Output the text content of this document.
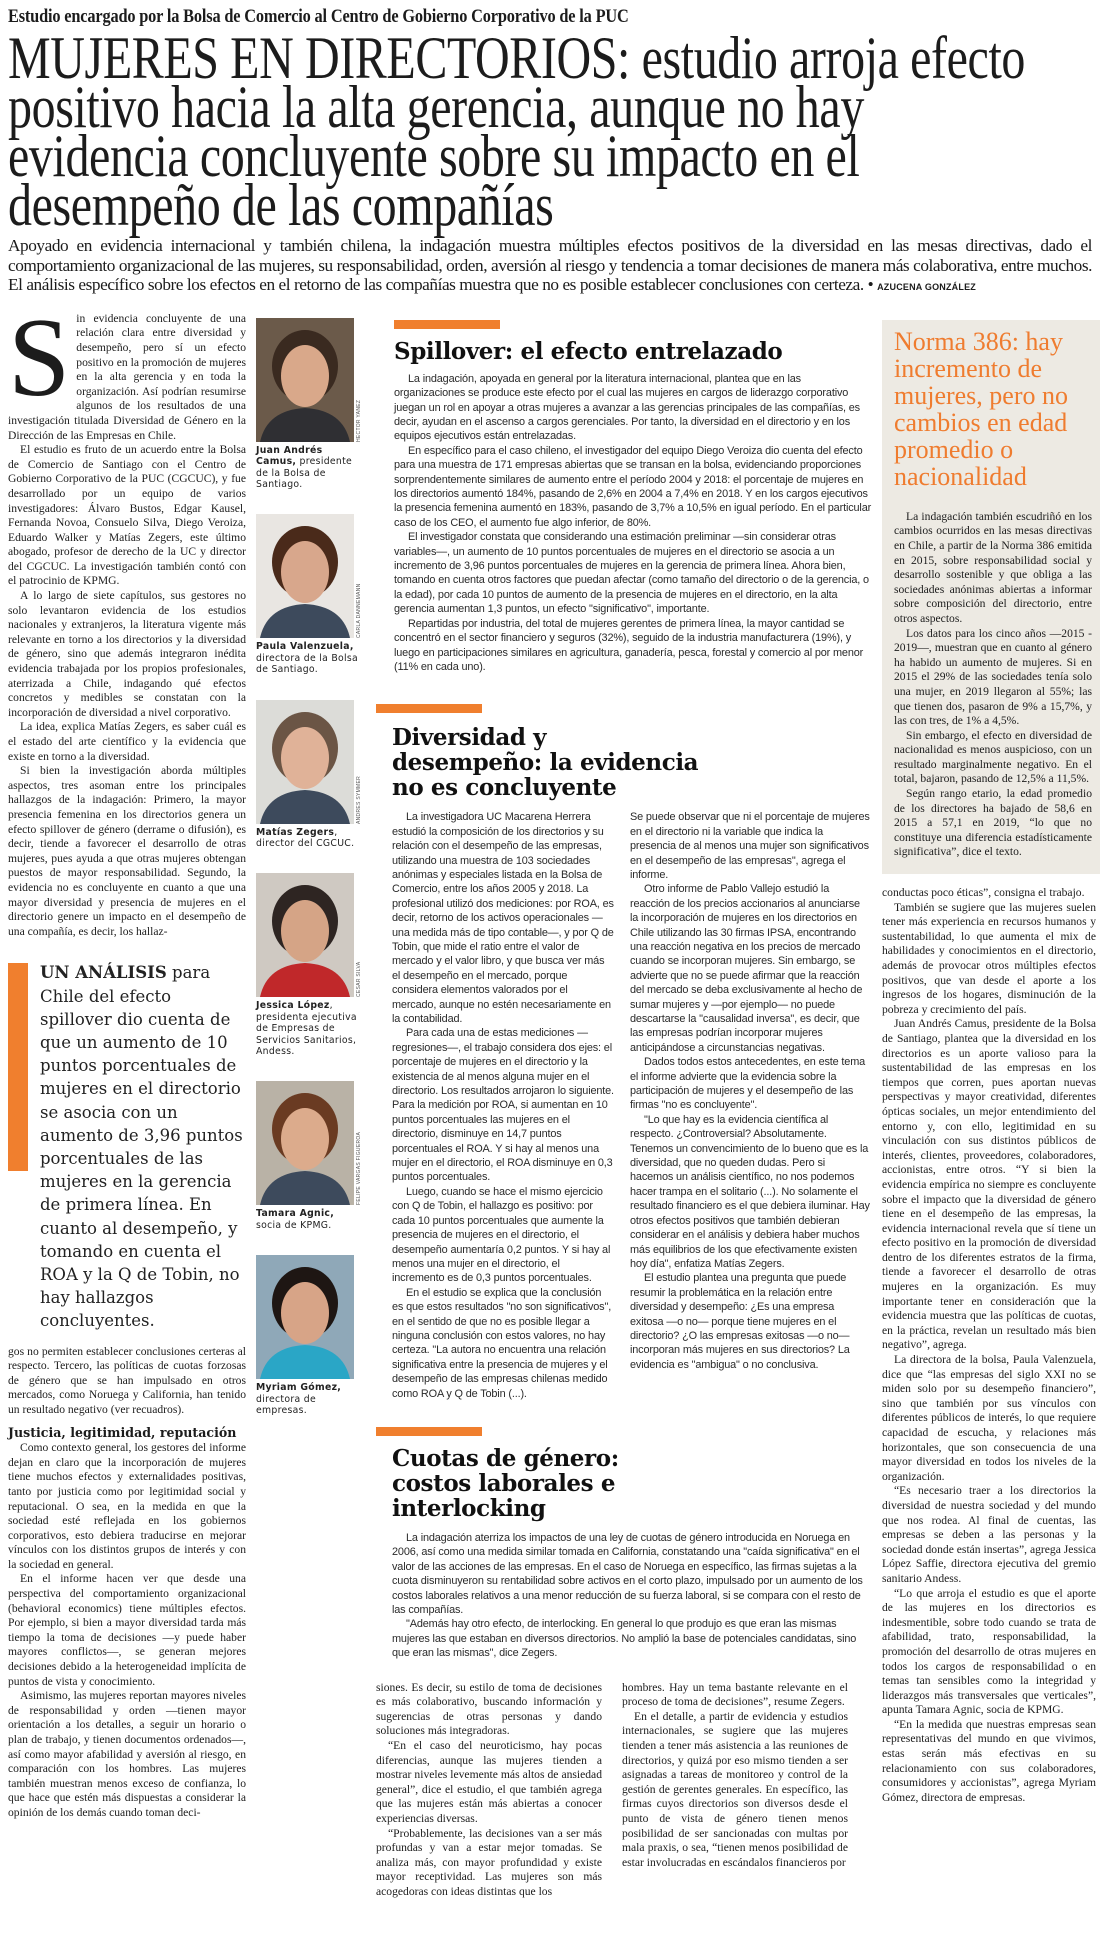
Estudio encargado por la Bolsa de Comercio al Centro de Gobierno Corporativo de la PUC
MUJERES EN DIRECTORIOS: estudio arroja efecto
positivo hacia la alta gerencia, aunque no hay
evidencia concluyente sobre su impacto en el
desempeño de las compañías
Apoyado en evidencia internacional y también chilena, la indagación muestra múltiples efectos positivos de la diversidad en las mesas directivas, dado el comportamiento organizacional de las mujeres, su responsabilidad, orden, aversión al riesgo y tendencia a tomar decisiones de manera más colaborativa, entre muchos. El análisis específico sobre los efectos en el retorno de las compañías muestra que no es posible establecer conclusiones con certeza. • AZUCENA GONZÁLEZ

Sin evidencia concluyente de una relación clara entre diversidad y desempeño, pero sí un efecto positivo en la promoción de mujeres en la alta gerencia y en toda la organización. Así podrían resumirse algunos de los resultados de una investigación titulada Diversidad de Género en la Dirección de las Empresas en Chile.

El estudio es fruto de un acuerdo entre la Bolsa de Comercio de Santiago con el Centro de Gobierno Corporativo de la PUC (CGCUC), y fue desarrollado por un equipo de varios investigadores: Álvaro Bustos, Edgar Kausel, Fernanda Novoa, Consuelo Silva, Diego Veroiza, Eduardo Walker y Matías Zegers, este último abogado, profesor de derecho de la UC y director del CGCUC. La investigación también contó con el patrocinio de KPMG.

A lo largo de siete capítulos, sus gestores no solo levantaron evidencia de los estudios nacionales y extranjeros, la literatura vigente más relevante en torno a los directorios y la diversidad de género, sino que además integraron inédita evidencia trabajada por los propios profesionales, aterrizada a Chile, indagando qué efectos concretos y medibles se constatan con la incorporación de diversidad a nivel corporativo.

La idea, explica Matías Zegers, es saber cuál es el estado del arte científico y la evidencia que existe en torno a la diversidad.

Si bien la investigación aborda múltiples aspectos, tres asoman entre los principales hallazgos de la indagación: Primero, la mayor presencia femenina en los directorios genera un efecto spillover de género (derrame o difusión), es decir, tiende a favorecer el desarrollo de otras mujeres, pues ayuda a que otras mujeres obtengan puestos de mayor responsabilidad. Segundo, la evidencia no es concluyente en cuanto a que una mayor diversidad y presencia de mujeres en el directorio genere un impacto en el desempeño de una compañía, es decir, los hallaz-

UN ANÁLISIS para Chile del efecto spillover dio cuenta de que un aumento de 10 puntos porcentuales de mujeres en el directorio se asocia con un aumento de 3,96 puntos porcentuales de las mujeres en la gerencia de primera línea. En cuanto al desempeño, y tomando en cuenta el ROA y la Q de Tobin, no hay hallazgos concluyentes.

gos no permiten establecer conclusiones certeras al respecto. Tercero, las políticas de cuotas forzosas de género que se han impulsado en otros mercados, como Noruega y California, han tenido un resultado negativo (ver recuadros).

Justicia, legitimidad, reputación

Como contexto general, los gestores del informe dejan en claro que la incorporación de mujeres tiene muchos efectos y externalidades positivas, tanto por justicia como por legitimidad social y reputacional. O sea, en la medida en que la sociedad esté reflejada en los gobiernos corporativos, esto debiera traducirse en mejorar vínculos con los distintos grupos de interés y con la sociedad en general.

En el informe hacen ver que desde una perspectiva del comportamiento organizacional (behavioral economics) tiene múltiples efectos. Por ejemplo, si bien a mayor diversidad tarda más tiempo la toma de decisiones —y puede haber mayores conflictos—, se generan mejores decisiones debido a la heterogeneidad implícita de puntos de vista y conocimiento.

Asimismo, las mujeres reportan mayores niveles de responsabilidad y orden —tienen mayor orientación a los detalles, a seguir un horario o plan de trabajo, y tienen documentos ordenados—, así como mayor afabilidad y aversión al riesgo, en comparación con los hombres. Las mujeres también muestran menos exceso de confianza, lo que hace que estén más dispuestas a considerar la opinión de los demás cuando toman deci-

HÉCTOR YAÑEZ
Juan Andrés Camus, presidente de la Bolsa de Santiago.
CARLA DANNEMANN
Paula Valenzuela, directora de la Bolsa de Santiago.
ANDRÉS SYMMER
Matías Zegers, director del CGCUC.
CÉSAR SILVA
Jessica López, presidenta ejecutiva de Empresas de Servicios Sanitarios, Andess.
FELIPE VARGAS FIGUEROA
Tamara Agnic, socia de KPMG.
Myriam Gómez, directora de empresas.
Spillover: el efecto entrelazado

La indagación, apoyada en general por la literatura internacional, plantea que en las organizaciones se produce este efecto por el cual las mujeres en cargos de liderazgo corporativo juegan un rol en apoyar a otras mujeres a avanzar a las gerencias principales de las compañías, es decir, ayudan en el ascenso a cargos gerenciales. Por tanto, la diversidad en el directorio y en los equipos ejecutivos están entrelazadas.

En específico para el caso chileno, el investigador del equipo Diego Veroiza dio cuenta del efecto para una muestra de 171 empresas abiertas que se transan en la bolsa, evidenciando proporciones sorprendentemente similares de aumento entre el período 2004 y 2018: el porcentaje de mujeres en los directorios aumentó 184%, pasando de 2,6% en 2004 a 7,4% en 2018. Y en los cargos ejecutivos la presencia femenina aumentó en 183%, pasando de 3,7% a 10,5% en igual período. En el particular caso de los CEO, el aumento fue algo inferior, de 80%.

El investigador constata que considerando una estimación preliminar —sin considerar otras variables—, un aumento de 10 puntos porcentuales de mujeres en el directorio se asocia a un incremento de 3,96 puntos porcentuales de mujeres en la gerencia de primera línea. Ahora bien, tomando en cuenta otros factores que puedan afectar (como tamaño del directorio o de la gerencia, o la edad), por cada 10 puntos de aumento de la presencia de mujeres en el directorio, en la alta gerencia aumentan 1,3 puntos, un efecto "significativo", importante.

Repartidas por industria, del total de mujeres gerentes de primera línea, la mayor cantidad se concentró en el sector financiero y seguros (32%), seguido de la industria manufacturera (19%), y luego en participaciones similares en agricultura, ganadería, pesca, forestal y comercio al por menor (11% en cada uno).

Diversidad y desempeño: la evidencia no es concluyente

La investigadora UC Macarena Herrera estudió la composición de los directorios y su relación con el desempeño de las empresas, utilizando una muestra de 103 sociedades anónimas y especiales listada en la Bolsa de Comercio, entre los años 2005 y 2018. La profesional utilizó dos mediciones: por ROA, es decir, retorno de los activos operacionales —una medida más de tipo contable—, y por Q de Tobin, que mide el ratio entre el valor de mercado y el valor libro, y que busca ver más el desempeño en el mercado, porque considera elementos valorados por el mercado, aunque no estén necesariamente en la contabilidad.

Para cada una de estas mediciones —regresiones—, el trabajo considera dos ejes: el porcentaje de mujeres en el directorio y la existencia de al menos alguna mujer en el directorio. Los resultados arrojaron lo siguiente. Para la medición por ROA, si aumentan en 10 puntos porcentuales las mujeres en el directorio, disminuye en 14,7 puntos porcentuales el ROA. Y si hay al menos una mujer en el directorio, el ROA disminuye en 0,3 puntos porcentuales.

Luego, cuando se hace el mismo ejercicio con Q de Tobin, el hallazgo es positivo: por cada 10 puntos porcentuales que aumente la presencia de mujeres en el directorio, el desempeño aumentaría 0,2 puntos. Y si hay al menos una mujer en el directorio, el incremento es de 0,3 puntos porcentuales.

En el estudio se explica que la conclusión es que estos resultados "no son significativos", en el sentido de que no es posible llegar a ninguna conclusión con estos valores, no hay certeza. "La autora no encuentra una relación significativa entre la presencia de mujeres y el desempeño de las empresas chilenas medido como ROA y Q de Tobin (...).

Se puede observar que ni el porcentaje de mujeres en el directorio ni la variable que indica la presencia de al menos una mujer son significativos en el desempeño de las empresas", agrega el informe.

Otro informe de Pablo Vallejo estudió la reacción de los precios accionarios al anunciarse la incorporación de mujeres en los directorios en Chile utilizando las 30 firmas IPSA, encontrando una reacción negativa en los precios de mercado cuando se incorporan mujeres. Sin embargo, se advierte que no se puede afirmar que la reacción del mercado se deba exclusivamente al hecho de sumar mujeres y —por ejemplo— no puede descartarse la "causalidad inversa", es decir, que las empresas podrían incorporar mujeres anticipándose a circunstancias negativas.

Dados todos estos antecedentes, en este tema el informe advierte que la evidencia sobre la participación de mujeres y el desempeño de las firmas "no es concluyente".

"Lo que hay es la evidencia científica al respecto. ¿Controversial? Absolutamente. Tenemos un convencimiento de lo bueno que es la diversidad, que no queden dudas. Pero si hacemos un análisis científico, no nos podemos hacer trampa en el solitario (...). No solamente el resultado financiero es el que debiera iluminar. Hay otros efectos positivos que también debieran considerar en el análisis y debiera haber muchos más equilibrios de los que efectivamente existen hoy día", enfatiza Matías Zegers.

El estudio plantea una pregunta que puede resumir la problemática en la relación entre diversidad y desempeño: ¿Es una empresa exitosa —o no— porque tiene mujeres en el directorio? ¿O las empresas exitosas —o no— incorporan más mujeres en sus directorios? La evidencia es "ambigua" o no conclusiva.

Cuotas de género: costos laborales e interlocking

La indagación aterriza los impactos de una ley de cuotas de género introducida en Noruega en 2006, así como una medida similar tomada en California, constatando una "caída significativa" en el valor de las acciones de las empresas. En el caso de Noruega en específico, las firmas sujetas a la cuota disminuyeron su rentabilidad sobre activos en el corto plazo, impulsado por un aumento de los costos laborales relativos a una menor reducción de su fuerza laboral, si se compara con el resto de las compañías.

"Además hay otro efecto, de interlocking. En general lo que produjo es que eran las mismas mujeres las que estaban en diversos directorios. No amplió la base de potenciales candidatas, sino que eran las mismas", dice Zegers.

siones. Es decir, su estilo de toma de decisiones es más colaborativo, buscando información y sugerencias de otras personas y dando soluciones más integradoras.

“En el caso del neuroticismo, hay pocas diferencias, aunque las mujeres tienden a mostrar niveles levemente más altos de ansiedad general”, dice el estudio, el que también agrega que las mujeres están más abiertas a conocer experiencias diversas.

“Probablemente, las decisiones van a ser más profundas y van a estar mejor tomadas. Se analiza más, con mayor profundidad y existe mayor receptividad. Las mujeres son más acogedoras con ideas distintas que los

hombres. Hay un tema bastante relevante en el proceso de toma de decisiones”, resume Zegers.

En el detalle, a partir de evidencia y estudios internacionales, se sugiere que las mujeres tienden a tener más asistencia a las reuniones de directorios, y quizá por eso mismo tienden a ser asignadas a tareas de monitoreo y control de la gestión de gerentes generales. En específico, las firmas cuyos directorios son diversos desde el punto de vista de género tienen menos posibilidad de ser sancionadas con multas por mala praxis, o sea, “tienen menos posibilidad de estar involucradas en escándalos financieros por

Norma 386: hay incremento de mujeres, pero no cambios en edad promedio o nacionalidad

La indagación también escudriñó en los cambios ocurridos en las mesas directivas en Chile, a partir de la Norma 386 emitida en 2015, sobre responsabilidad social y desarrollo sostenible y que obliga a las sociedades anónimas abiertas a informar sobre composición del directorio, entre otros aspectos.

Los datos para los cinco años —2015 - 2019—, muestran que en cuanto al género ha habido un aumento de mujeres. Si en 2015 el 29% de las sociedades tenía solo una mujer, en 2019 llegaron al 55%; las que tienen dos, pasaron de 9% a 15,7%, y las con tres, de 1% a 4,5%.

Sin embargo, el efecto en diversidad de nacionalidad es menos auspicioso, con un resultado marginalmente negativo. En el total, bajaron, pasando de 12,5% a 11,5%.

Según rango etario, la edad promedio de los directores ha bajado de 58,6 en 2015 a 57,1 en 2019, “lo que no constituye una diferencia estadísticamente significativa”, dice el texto.

conductas poco éticas”, consigna el trabajo.

También se sugiere que las mujeres suelen tener más experiencia en recursos humanos y sustentabilidad, lo que aumenta el mix de habilidades y conocimientos en el directorio, además de provocar otros múltiples efectos positivos, que van desde el aporte a los ingresos de los hogares, disminución de la pobreza y crecimiento del país.

Juan Andrés Camus, presidente de la Bolsa de Santiago, plantea que la diversidad en los directorios es un aporte valioso para la sustentabilidad de las empresas en los tiempos que corren, pues aportan nuevas perspectivas y mayor creatividad, diferentes ópticas sociales, un mejor entendimiento del entorno y, con ello, legitimidad en su vinculación con sus distintos públicos de interés, clientes, proveedores, colaboradores, accionistas, entre otros. “Y si bien la evidencia empírica no siempre es concluyente sobre el impacto que la diversidad de género tiene en el desempeño de las empresas, la evidencia internacional revela que sí tiene un efecto positivo en la promoción de diversidad dentro de los diferentes estratos de la firma, tiende a favorecer el desarrollo de otras mujeres en la organización. Es muy importante tener en consideración que la evidencia muestra que las políticas de cuotas, en la práctica, revelan un resultado más bien negativo”, agrega.

La directora de la bolsa, Paula Valenzuela, dice que “las empresas del siglo XXI no se miden solo por su desempeño financiero”, sino que también por sus vínculos con diferentes públicos de interés, lo que requiere capacidad de escucha, y relaciones más horizontales, que son consecuencia de una mayor diversidad en todos los niveles de la organización.

“Es necesario traer a los directorios la diversidad de nuestra sociedad y del mundo que nos rodea. Al final de cuentas, las empresas se deben a las personas y la sociedad donde están insertas”, agrega Jessica López Saffie, directora ejecutiva del gremio sanitario Andess.

“Lo que arroja el estudio es que el aporte de las mujeres en los directorios es indesmentible, sobre todo cuando se trata de afabilidad, trato, responsabilidad, la promoción del desarrollo de otras mujeres en todos los cargos de responsabilidad o en temas tan sensibles como la integridad y liderazgos más transversales que verticales”, apunta Tamara Agnic, socia de KPMG.

“En la medida que nuestras empresas sean representativas del mundo en que vivimos, estas serán más efectivas en su relacionamiento con sus colaboradores, consumidores y accionistas”, agrega Myriam Gómez, directora de empresas.
